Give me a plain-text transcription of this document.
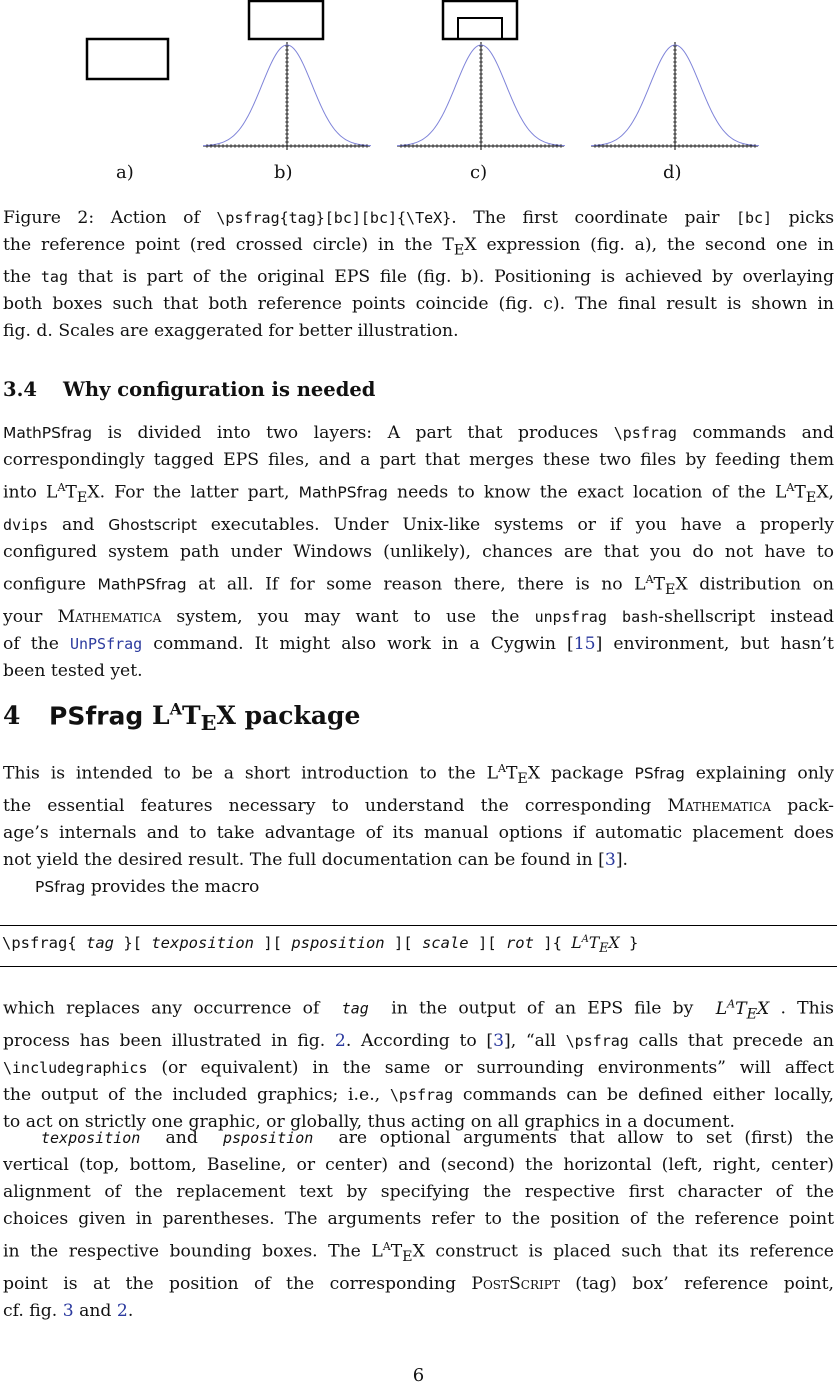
a)	b)	c)	d)
Figure 2: Action of \psfrag{tag}[bc][bc]{\TeX}. The first coordinate pair [bc] picks
the reference point (red crossed circle) in the $T_EX$ expression (fig. a), the second one in
the tag that is part of the original EPS file (fig. b). Positioning is achieved by overlaying
both boxes such that both reference points coincide (fig. c). The final result is shown in
fig. d. Scales are exaggerated for better illustration.
3.4 Why configuration is needed
MathPSfrag is divided into two layers: A part that produces \psfrag commands and
correspondingly tagged EPS files, and a part that merges these two files by feeding them
into $L^AT_EX$. For the latter part, MathPSfrag needs to know the exact location of the $L^AT_EX$,
dvips and Ghostscript executables. Under Unix-like systems or if you have a properly
configured system path under Windows (unlikely), chances are that you do not have to
configure MathPSfrag at all. If for some reason there, there is no $L^AT_EX$ distribution on
your Mathematica system, you may want to use the unpsfrag bash-shellscript instead
of the UnPSfrag command. It might also work in a Cygwin [15] environment, but hasn’t
been tested yet.
4 PSfrag $L^AT_EX$ package
This is intended to be a short introduction to the $L^AT_EX$ package PSfrag explaining only
the essential features necessary to understand the corresponding Mathematica pack-
age’s internals and to take advantage of its manual options if automatic placement does
not yield the desired result. The full documentation can be found in [3].
PSfrag provides the macro
\psfrag{ tag }[ texposition ][ psposition ][ scale ][ rot ]{ $L^AT_EX$ }
which replaces any occurrence of  tag  in the output of an EPS file by  $L^AT_EX$ . This
process has been illustrated in fig. 2. According to [3], “all \psfrag calls that precede an
\includegraphics (or equivalent) in the same or surrounding environments” will affect
the output of the included graphics; i.e., \psfrag commands can be defined either locally,
to act on strictly one graphic, or globally, thus acting on all graphics in a document.
texposition  and  psposition  are optional arguments that allow to set (first) the
vertical (top, bottom, Baseline, or center) and (second) the horizontal (left, right, center)
alignment of the replacement text by specifying the respective first character of the
choices given in parentheses. The arguments refer to the position of the reference point
in the respective bounding boxes. The $L^AT_EX$ construct is placed such that its reference
point is at the position of the corresponding PostScript (tag) box’ reference point,
cf. fig. 3 and 2.
6
